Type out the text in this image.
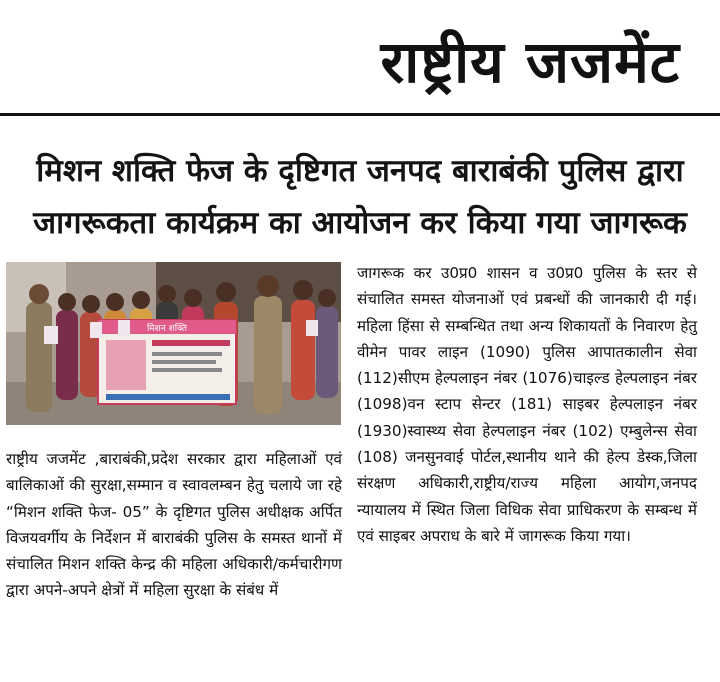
राष्ट्रीय जजमेंट
मिशन शक्ति फेज के दृष्टिगत जनपद बाराबंकी पुलिस द्वारा
जागरूकता कार्यक्रम का आयोजन कर किया गया जागरूक
मिशन शक्ति
राष्ट्रीय जजमेंट ,बाराबंकी,प्रदेश सरकार द्वारा महिलाओं एवं बालिकाओं की सुरक्षा,सम्मान व स्वावलम्बन हेतु चलाये जा रहे “मिशन शक्ति फेज- 05” के दृष्टिगत पुलिस अधीक्षक अर्पित विजयवर्गीय के निर्देशन में बाराबंकी पुलिस के समस्त थानों में संचालित मिशन शक्ति केन्द्र की महिला अधिकारी/कर्मचारीगण द्वारा अपने-अपने क्षेत्रों में महिला सुरक्षा के संबंध में
जागरूक कर उ0प्र0 शासन व उ0प्र0 पुलिस के स्तर से संचालित समस्त योजनाओं एवं प्रबन्धों की जानकारी दी गई। महिला हिंसा से सम्बन्धित तथा अन्य शिकायतों के निवारण हेतु वीमेन पावर लाइन (1090) पुलिस आपातकालीन सेवा (112)सीएम हेल्पलाइन नंबर (1076)चाइल्ड हेल्पलाइन नंबर (1098)वन स्टाप सेन्टर (181) साइबर हेल्पलाइन नंबर (1930)स्वास्थ्य सेवा हेल्पलाइन नंबर (102) एम्बुलेन्स सेवा (108) जनसुनवाई पोर्टल,स्थानीय थाने की हेल्प डेस्क,जिला संरक्षण अधिकारी,राष्ट्रीय/राज्य महिला आयोग,जनपद न्यायालय में स्थित जिला विधिक सेवा प्राधिकरण के सम्बन्ध में एवं साइबर अपराध के बारे में जागरूक किया गया।
